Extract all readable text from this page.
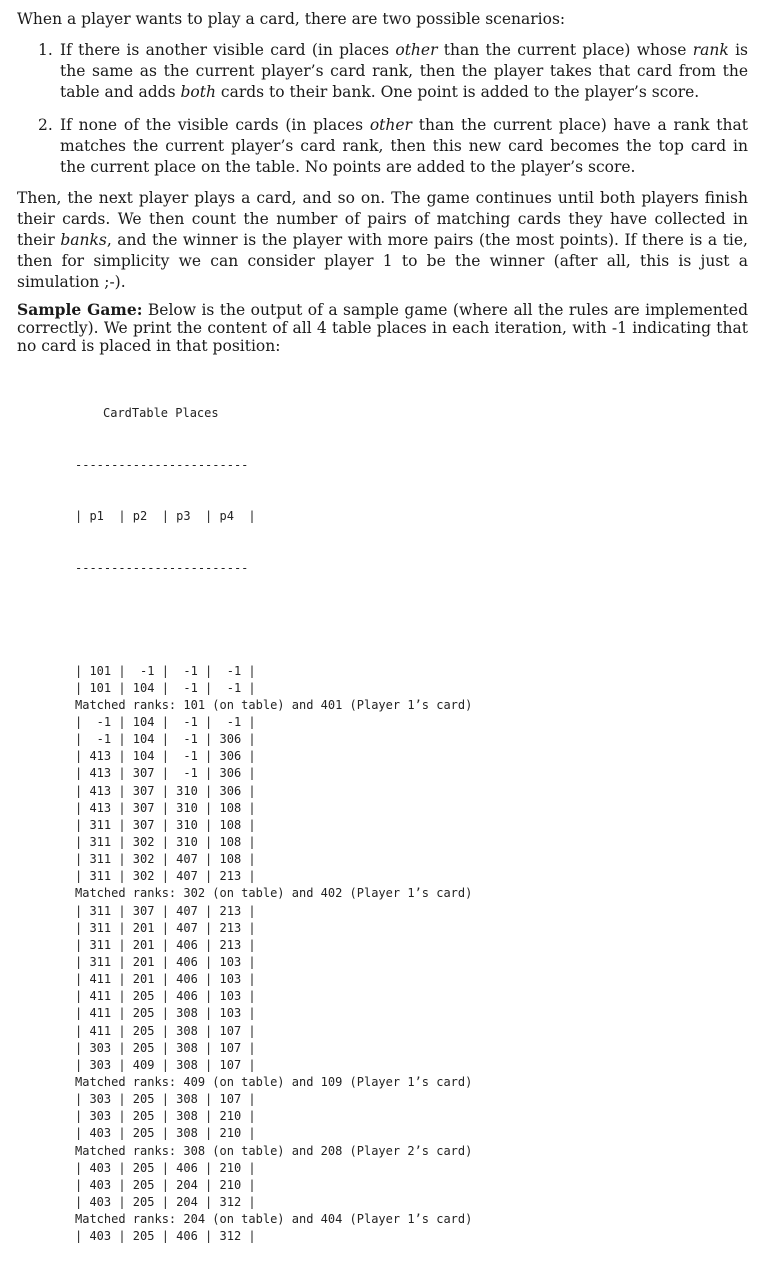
When a player wants to play a card, there are two possible scenarios:

1. If there is another visible card (in places other than the current place) whose rank is the same as the current player’s card rank, then the player takes that card from the table and adds both cards to their bank. One point is added to the player’s score.
2. If none of the visible cards (in places other than the current place) have a rank that matches the current player’s card rank, then this new card becomes the top card in the current place on the table. No points are added to the player’s score.

Then, the next player plays a card, and so on. The game continues until both players finish their cards. We then count the number of pairs of matching cards they have collected in their banks, and the winner is the player with more pairs (the most points). If there is a tie, then for simplicity we can consider player 1 to be the winner (after all, this is just a simulation ;-).

Sample Game: Below is the output of a sample game (where all the rules are implemented correctly). We print the content of all 4 table places in each iteration, with -1 indicating that no card is placed in that position:

CardTable Places

------------------------

| p1  | p2  | p3  | p4  |

------------------------

| 101 |  -1 |  -1 |  -1 |
| 101 | 104 |  -1 |  -1 |
Matched ranks: 101 (on table) and 401 (Player 1’s card)
|  -1 | 104 |  -1 |  -1 |
|  -1 | 104 |  -1 | 306 |
| 413 | 104 |  -1 | 306 |
| 413 | 307 |  -1 | 306 |
| 413 | 307 | 310 | 306 |
| 413 | 307 | 310 | 108 |
| 311 | 307 | 310 | 108 |
| 311 | 302 | 310 | 108 |
| 311 | 302 | 407 | 108 |
| 311 | 302 | 407 | 213 |
Matched ranks: 302 (on table) and 402 (Player 1’s card)
| 311 | 307 | 407 | 213 |
| 311 | 201 | 407 | 213 |
| 311 | 201 | 406 | 213 |
| 311 | 201 | 406 | 103 |
| 411 | 201 | 406 | 103 |
| 411 | 205 | 406 | 103 |
| 411 | 205 | 308 | 103 |
| 411 | 205 | 308 | 107 |
| 303 | 205 | 308 | 107 |
| 303 | 409 | 308 | 107 |
Matched ranks: 409 (on table) and 109 (Player 1’s card)
| 303 | 205 | 308 | 107 |
| 303 | 205 | 308 | 210 |
| 403 | 205 | 308 | 210 |
Matched ranks: 308 (on table) and 208 (Player 2’s card)
| 403 | 205 | 406 | 210 |
| 403 | 205 | 204 | 210 |
| 403 | 205 | 204 | 312 |
Matched ranks: 204 (on table) and 404 (Player 1’s card)
| 403 | 205 | 406 | 312 |
